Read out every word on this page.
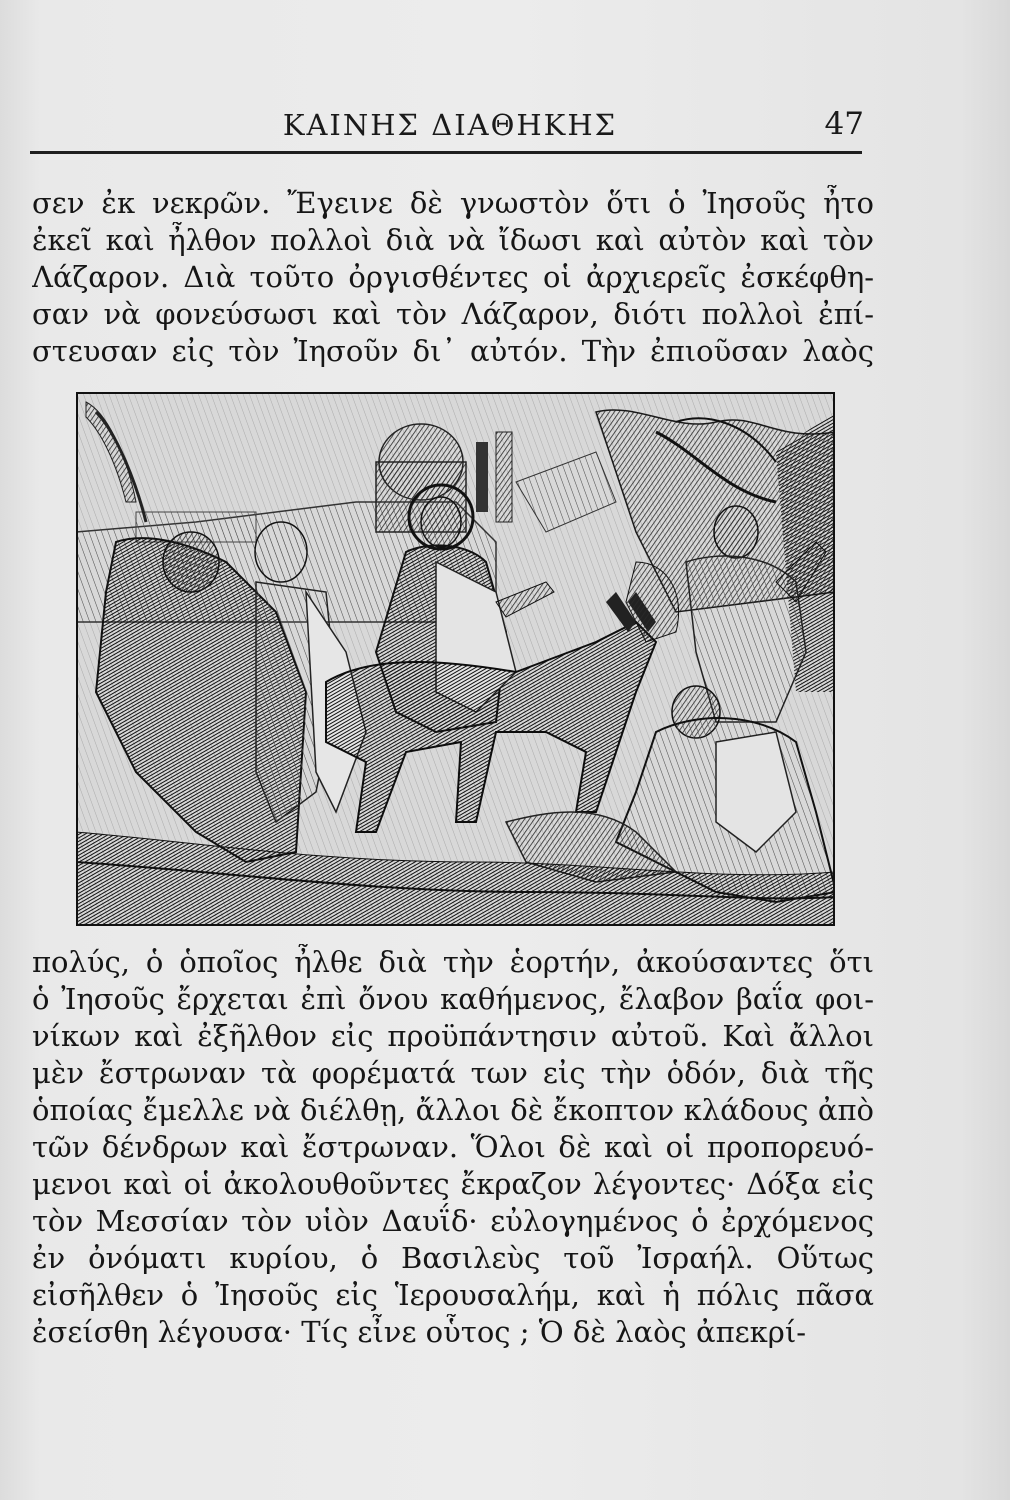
ΚΑΙΝΗΣ ΔΙΑΘΗΚΗΣ	47
σεν ἐκ νεκρῶν. Ἔγεινε δὲ γνωστὸν ὅτι ὁ Ἰησοῦς ἦτο
ἐκεῖ καὶ ἦλθον πολλοὶ διὰ νὰ ἴδωσι καὶ αὐτὸν καὶ τὸν
Λάζαρον. Διὰ τοῦτο ὀργισθέντες οἱ ἀρχιερεῖς ἐσκέφθη-
σαν νὰ φονεύσωσι καὶ τὸν Λάζαρον, διότι πολλοὶ ἐπί-
στευσαν εἰς τὸν Ἰησοῦν δι᾿ αὐτόν. Τὴν ἐπιοῦσαν λαὸς
πολύς, ὁ ὁποῖος ἦλθε διὰ τὴν ἑορτήν, ἀκούσαντες ὅτι
ὁ Ἰησοῦς ἔρχεται ἐπὶ ὄνου καθήμενος, ἔλαβον βαΐα φοι-
νίκων καὶ ἐξῆλθον εἰς προϋπάντησιν αὐτοῦ. Καὶ ἄλλοι
μὲν ἔστρωναν τὰ φορέματά των εἰς τὴν ὁδόν, διὰ τῆς
ὁποίας ἔμελλε νὰ διέλθῃ, ἄλλοι δὲ ἔκοπτον κλάδους ἀπὸ
τῶν δένδρων καὶ ἔστρωναν. Ὅλοι δὲ καὶ οἱ προπορευό-
μενοι καὶ οἱ ἀκολουθοῦντες ἔκραζον λέγοντες· Δόξα εἰς
τὸν Μεσσίαν τὸν υἱὸν Δαυΐδ· εὐλογημένος ὁ ἐρχόμενος
ἐν ὀνόματι κυρίου, ὁ Βασιλεὺς τοῦ Ἰσραήλ. Οὕτως
εἰσῆλθεν ὁ Ἰησοῦς εἰς Ἱερουσαλήμ, καὶ ἡ πόλις πᾶσα
ἐσείσθη λέγουσα· Τίς εἶνε οὗτος ; Ὁ δὲ λαὸς ἀπεκρί-
